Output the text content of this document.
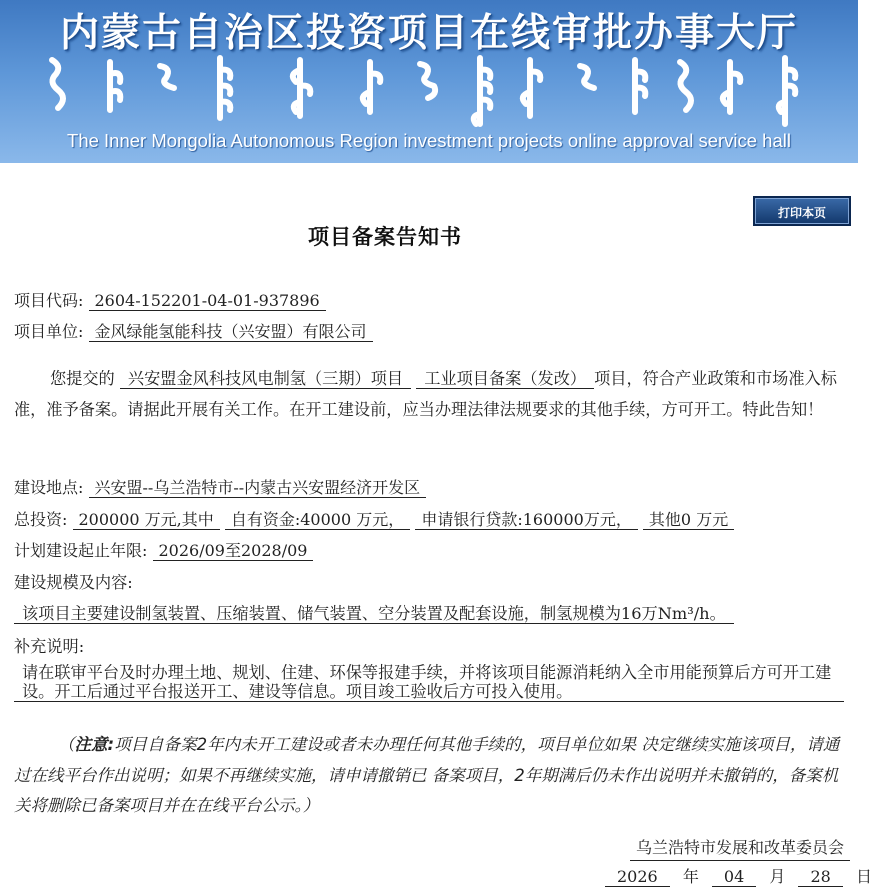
内蒙古自治区投资项目在线审批办事大厅
The Inner Mongolia Autonomous Region investment projects online approval service hall
打印本页
项目备案告知书
项目代码: 2604-152201-04-01-937896
项目单位: 金风绿能氢能科技（兴安盟）有限公司
您提交的 兴安盟金风科技风电制氢（三期）项目 工业项目备案（发改） 项目，符合产业政策和市场准入标准，准予备案。请据此开展有关工作。在开工建设前，应当办理法律法规要求的其他手续，方可开工。特此告知！
建设地点: 兴安盟--乌兰浩特市--内蒙古兴安盟经济开发区
总投资: 200000 万元,其中 自有资金:40000 万元， 申请银行贷款:160000万元， 其他0 万元
计划建设起止年限: 2026/09至2028/09
建设规模及内容: 该项目主要建设制氢装置、压缩装置、储气装置、空分装置及配套设施，制氢规模为16万Nm³/h。
补充说明: 请在联审平台及时办理土地、规划、住建、环保等报建手续，并将该项目能源消耗纳入全市用能预算后方可开工建设。开工后通过平台报送开工、建设等信息。项目竣工验收后方可投入使用。
（注意:项目自备案2年内未开工建设或者未办理任何其他手续的，项目单位如果 决定继续实施该项目，请通过在线平台作出说明；如果不再继续实施，请申请撤销已 备案项目，2年期满后仍未作出说明并未撤销的，备案机关将删除已备案项目并在在线平台公示。）
乌兰浩特市发展和改革委员会
2026 年 04 月 28 日
